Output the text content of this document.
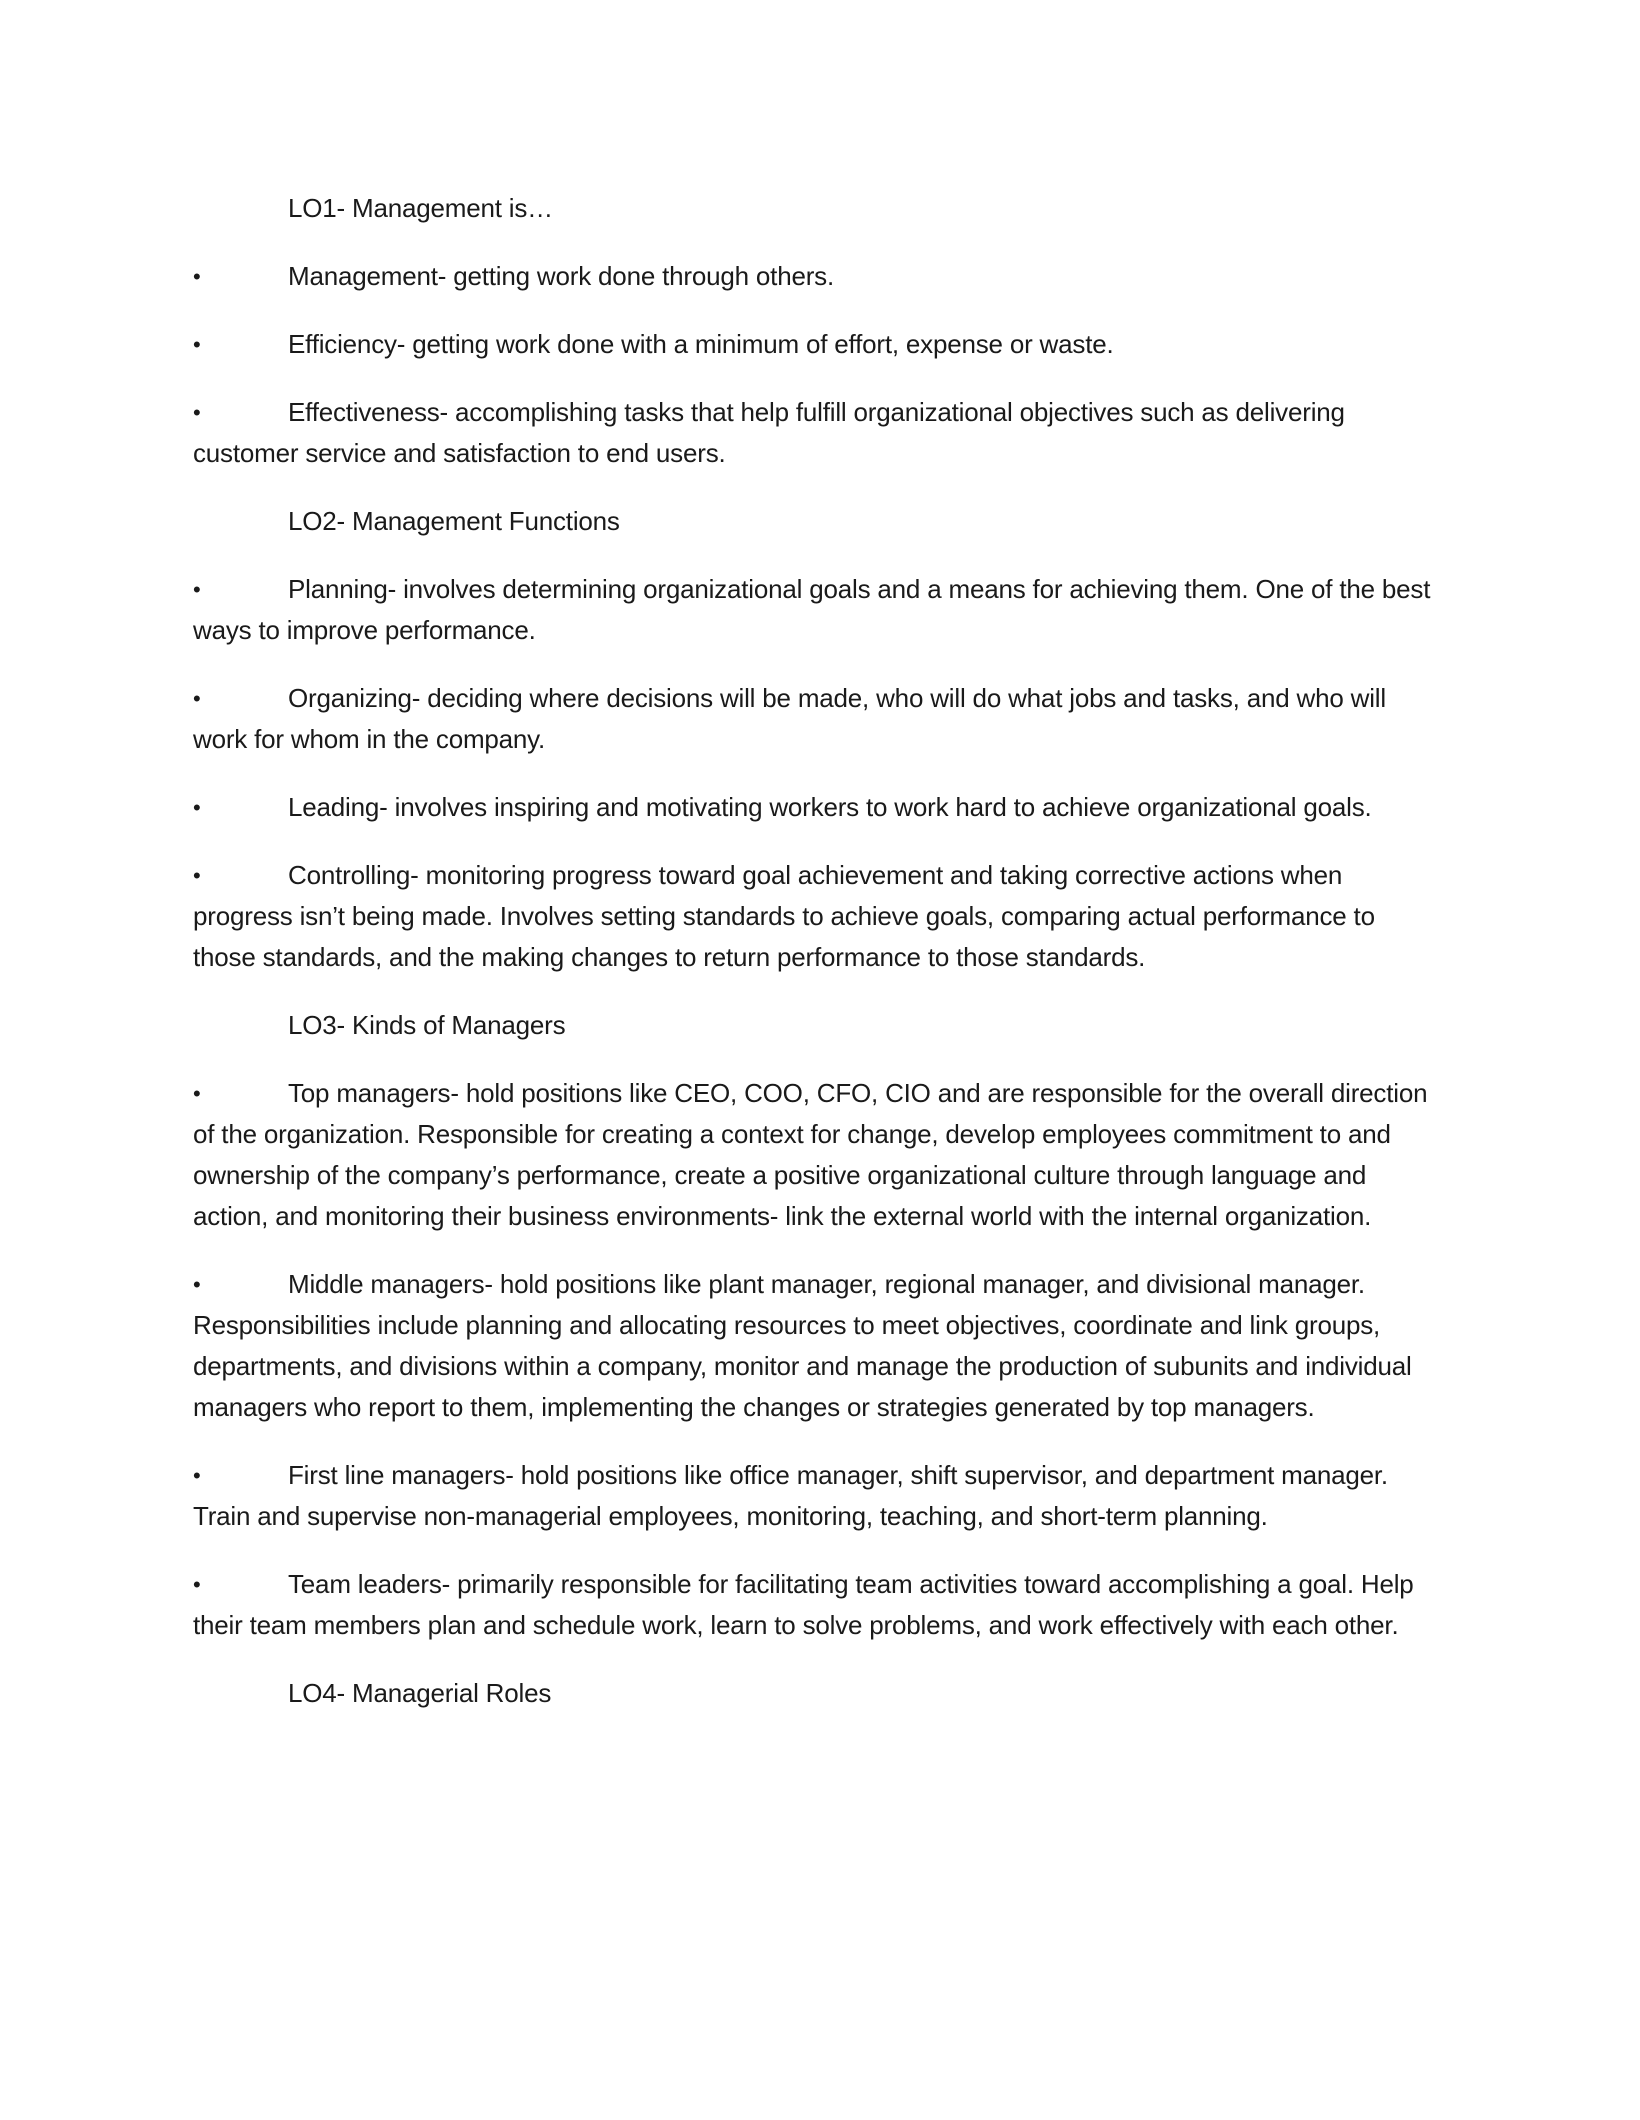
LO1- Management is…
•	Management- getting work done through others.
•	Efficiency- getting work done with a minimum of effort, expense or waste.
•	Effectiveness- accomplishing tasks that help fulfill organizational objectives such as delivering customer service and satisfaction to end users.
LO2- Management Functions
•	Planning- involves determining organizational goals and a means for achieving them. One of the best ways to improve performance.
•	Organizing- deciding where decisions will be made, who will do what jobs and tasks, and who will work for whom in the company.
•	Leading- involves inspiring and motivating workers to work hard to achieve organizational goals.
•	Controlling- monitoring progress toward goal achievement and taking corrective actions when progress isn’t being made. Involves setting standards to achieve goals, comparing actual performance to those standards, and the making changes to return performance to those standards.
LO3- Kinds of Managers
•	Top managers- hold positions like CEO, COO, CFO, CIO and are responsible for the overall direction of the organization. Responsible for creating a context for change, develop employees commitment to and ownership of the company’s performance, create a positive organizational culture through language and action, and monitoring their business environments- link the external world with the internal organization.
•	Middle managers- hold positions like plant manager, regional manager, and divisional manager. Responsibilities include planning and allocating resources to meet objectives, coordinate and link groups, departments, and divisions within a company, monitor and manage the production of subunits and individual managers who report to them, implementing the changes or strategies generated by top managers.
•	First line managers- hold positions like office manager, shift supervisor, and department manager. Train and supervise non-managerial employees, monitoring, teaching, and short-term planning.
•	Team leaders- primarily responsible for facilitating team activities toward accomplishing a goal. Help their team members plan and schedule work, learn to solve problems, and work effectively with each other.
LO4- Managerial Roles
